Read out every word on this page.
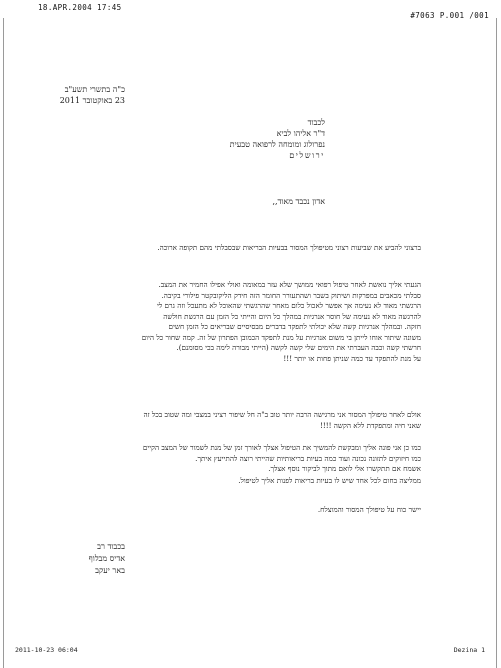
18.APR.2004 17:45
#7063 P.001 /001
כ"ה בתשרי תשע"ב
23 באוקטובר 2011
לכבוד
ד"ר אליהו לביא
נפרולוג ומומחה לרפואה טבעית
ירושלים
אדון נכבד מאוד,,
ברצוני להביע את שביעות רצוני מטיפולך המסור בבעיות הבריאות שבסבלתי מהם תקופה ארוכה.
הגעתי אליך נואשת לאחר טיפול רפואי ממושך שלא עזר במאומה ואולי אפילו החמיר את המצב.
סבלתי מכאבים במפרקות ושיתוק בשבר ושהתעורר החומר הזה חידק הליקובקטר פילורי בקיבה.
הרגשתי מאוד לא נעימה אך אפשר לאכול כלום מאחר שהרגשתי שהאוכל לא מתעכל וזה גרם לי
להרגשה מאוד לא נעימה של חוסר אנרגיות במהלך כל היום והייתי כל הזמן עם הרגשת חולשה
חזקה. ובמהלך אנרגיות קשה שלא יכולתי לתפקד בדברים מבסיסיים שבריאים כל הזמן חשים
משונה שיתור אוחו לייתן בי משום אנרגיות על מנת לתפקד הכמובן הפתרון של זה. קמה שחור כל היום
חרשתי קשה וכבה העברתי את הימים שלי קשה לקשה (הייתי מבורה לימה בכי מסומנם).
על מנת להתפקד עד כמה שניתן פחות או יותר !!!
אולם לאחר טיפולך המסור אני מרגישה הרבה יותר טוב ב"ה חל שיפור רציני במצבי ומה שטוב בכל זה
שאני חיה ומתפקדת ללא הקשה !!!!
כמו כן אני פונה אליך ומבקשת להמשיך את הטיפול אצלך לאורך זמן של מנת לשמור של המצב הקיים
כמו חיזוקים לתזונה נכונה ועוד כמה בעיות בריאותיות שהייתי רוצה להתייעץ איתך.
אשמח אם תתקשרו אלי לואם מתוך לביקור נוסף אצלך.
ממליצה בחום לכל אחד שיש לו בעיות בריאות לפנות אליך לטיפול.
יישר כוח על טיפולך המסור והמוצלח.
בכבוד רב
אדיס מבלוף
באר יעקב
2011-10-23 06:04	Dezina 1
